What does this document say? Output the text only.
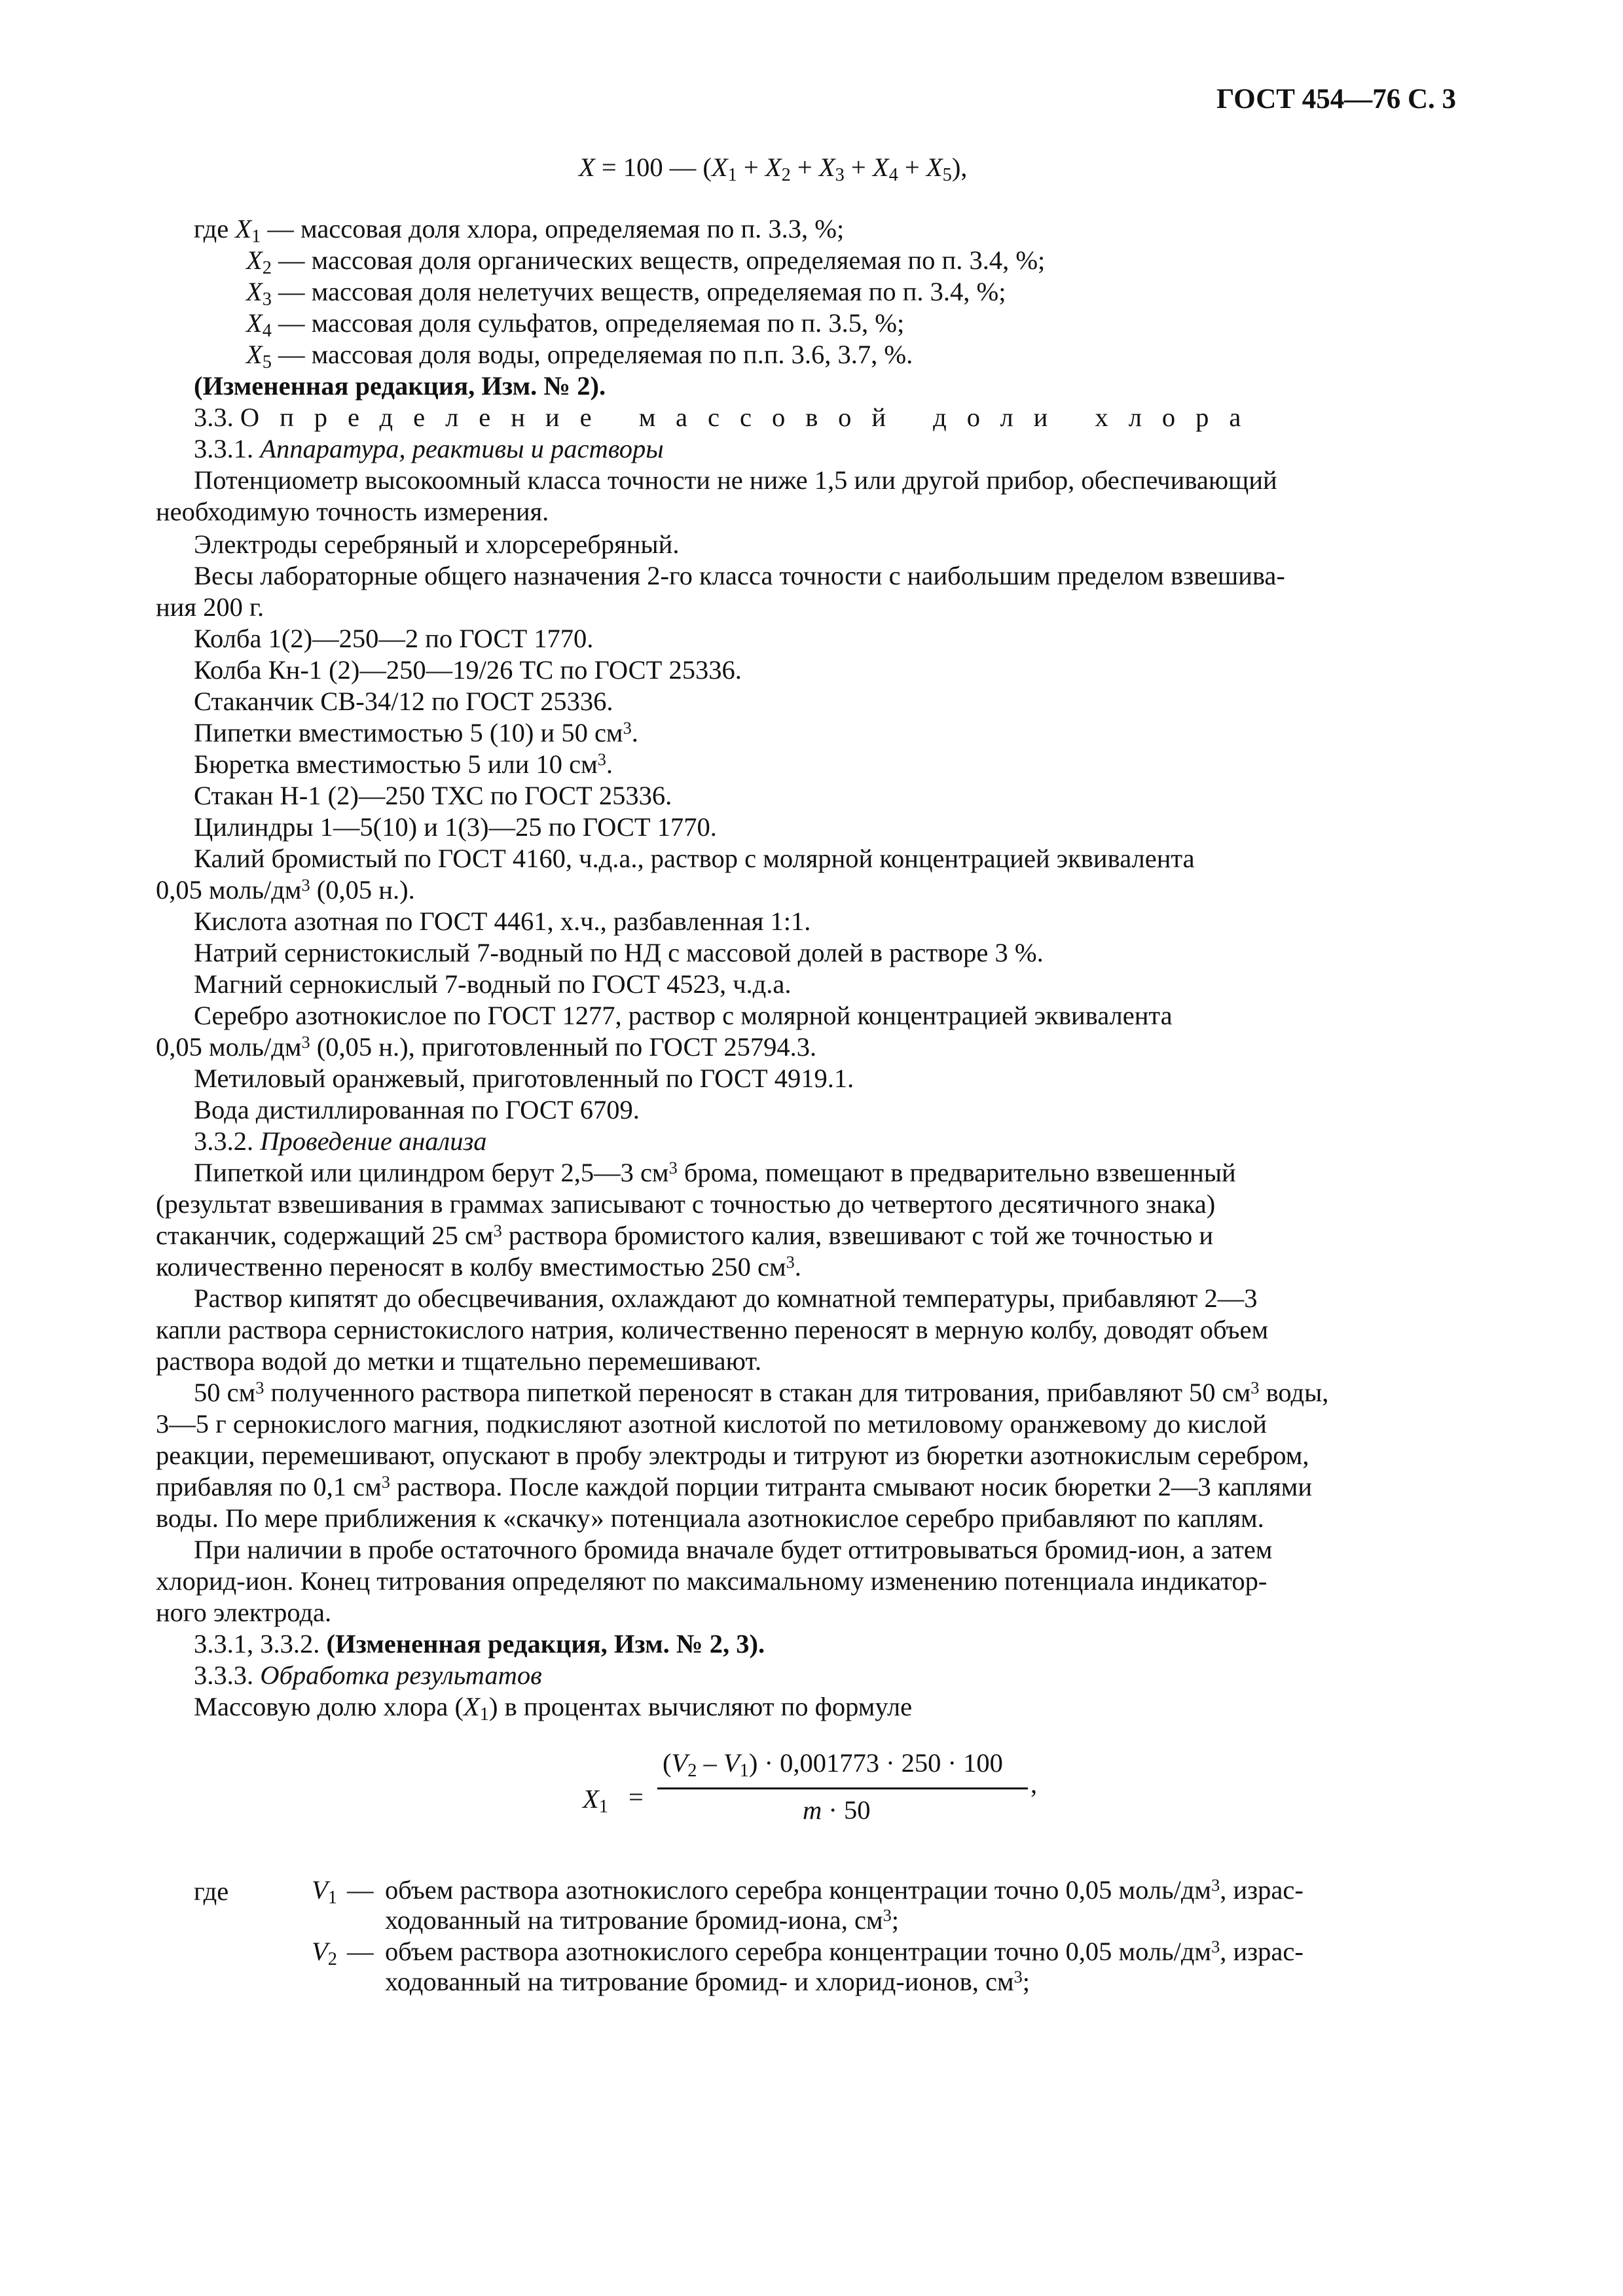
ГОСТ 454—76 С. 3
X = 100 — $(X_1 + X_2 + X_3 + X_4 + X_5)$,
где $X_1$ — массовая доля хлора, определяемая по п. 3.3, %;
$X_2$ — массовая доля органических веществ, определяемая по п. 3.4, %;
$X_3$ — массовая доля нелетучих веществ, определяемая по п. 3.4, %;
$X_4$ — массовая доля сульфатов, определяемая по п. 3.5, %;
$X_5$ — массовая доля воды, определяемая по п.п. 3.6, 3.7, %.
(Измененная редакция, Изм. № 2).
3.3. Определение массовой доли хлора
3.3.1. Аппаратура, реактивы и растворы
Потенциометр высокоомный класса точности не ниже 1,5 или другой прибор, обеспечивающий
необходимую точность измерения.
Электроды серебряный и хлорсеребряный.
Весы лабораторные общего назначения 2-го класса точности с наибольшим пределом взвешива-
ния 200 г.
Колба 1(2)—250—2 по ГОСТ 1770.
Колба Кн-1 (2)—250—19/26 ТС по ГОСТ 25336.
Стаканчик СВ-34/12 по ГОСТ 25336.
Пипетки вместимостью 5 (10) и 50 $см^3$.
Бюретка вместимостью 5 или 10 $см^3$.
Стакан Н-1 (2)—250 ТХС по ГОСТ 25336.
Цилиндры 1—5(10) и 1(3)—25 по ГОСТ 1770.
Калий бромистый по ГОСТ 4160, ч.д.а., раствор с молярной концентрацией эквивалента
0,05 моль/$дм^3$ (0,05 н.).
Кислота азотная по ГОСТ 4461, х.ч., разбавленная 1:1.
Натрий сернистокислый 7-водный по НД с массовой долей в растворе 3 %.
Магний сернокислый 7-водный по ГОСТ 4523, ч.д.а.
Серебро азотнокислое по ГОСТ 1277, раствор с молярной концентрацией эквивалента
0,05 моль/$дм^3$ (0,05 н.), приготовленный по ГОСТ 25794.3.
Метиловый оранжевый, приготовленный по ГОСТ 4919.1.
Вода дистиллированная по ГОСТ 6709.
3.3.2. Проведение анализа
Пипеткой или цилиндром берут 2,5—3 $см^3$ брома, помещают в предварительно взвешенный
(результат взвешивания в граммах записывают с точностью до четвертого десятичного знака)
стаканчик, содержащий 25 $см^3$ раствора бромистого калия, взвешивают с той же точностью и
количественно переносят в колбу вместимостью 250 $см^3$.
Раствор кипятят до обесцвечивания, охлаждают до комнатной температуры, прибавляют 2—3
капли раствора сернистокислого натрия, количественно переносят в мерную колбу, доводят объем
раствора водой до метки и тщательно перемешивают.
50 $см^3$ полученного раствора пипеткой переносят в стакан для титрования, прибавляют 50 $см^3$ воды,
3—5 г сернокислого магния, подкисляют азотной кислотой по метиловому оранжевому до кислой
реакции, перемешивают, опускают в пробу электроды и титруют из бюретки азотнокислым серебром,
прибавляя по 0,1 $см^3$ раствора. После каждой порции титранта смывают носик бюретки 2—3 каплями
воды. По мере приближения к «скачку» потенциала азотнокислое серебро прибавляют по каплям.
При наличии в пробе остаточного бромида вначале будет оттитровываться бромид-ион, а затем
хлорид-ион. Конец титрования определяют по максимальному изменению потенциала индикатор-
ного электрода.
3.3.1, 3.3.2. (Измененная редакция, Изм. № 2, 3).
3.3.3. Обработка результатов
Массовую долю хлора $(X_1)$ в процентах вычисляют по формуле
$X_1$ =
$(V_2 - V_1) \cdot 0,001773 \cdot 250 \cdot 100$
m · 50
,
где	$V_1$ — объем раствора азотнокислого серебра концентрации точно 0,05 моль/$дм^3$, израс-
ходованный на титрование бромид-иона, $см^3$;
$V_2$ — объем раствора азотнокислого серебра концентрации точно 0,05 моль/$дм^3$, израс-
ходованный на титрование бромид- и хлорид-ионов, $см^3$;
